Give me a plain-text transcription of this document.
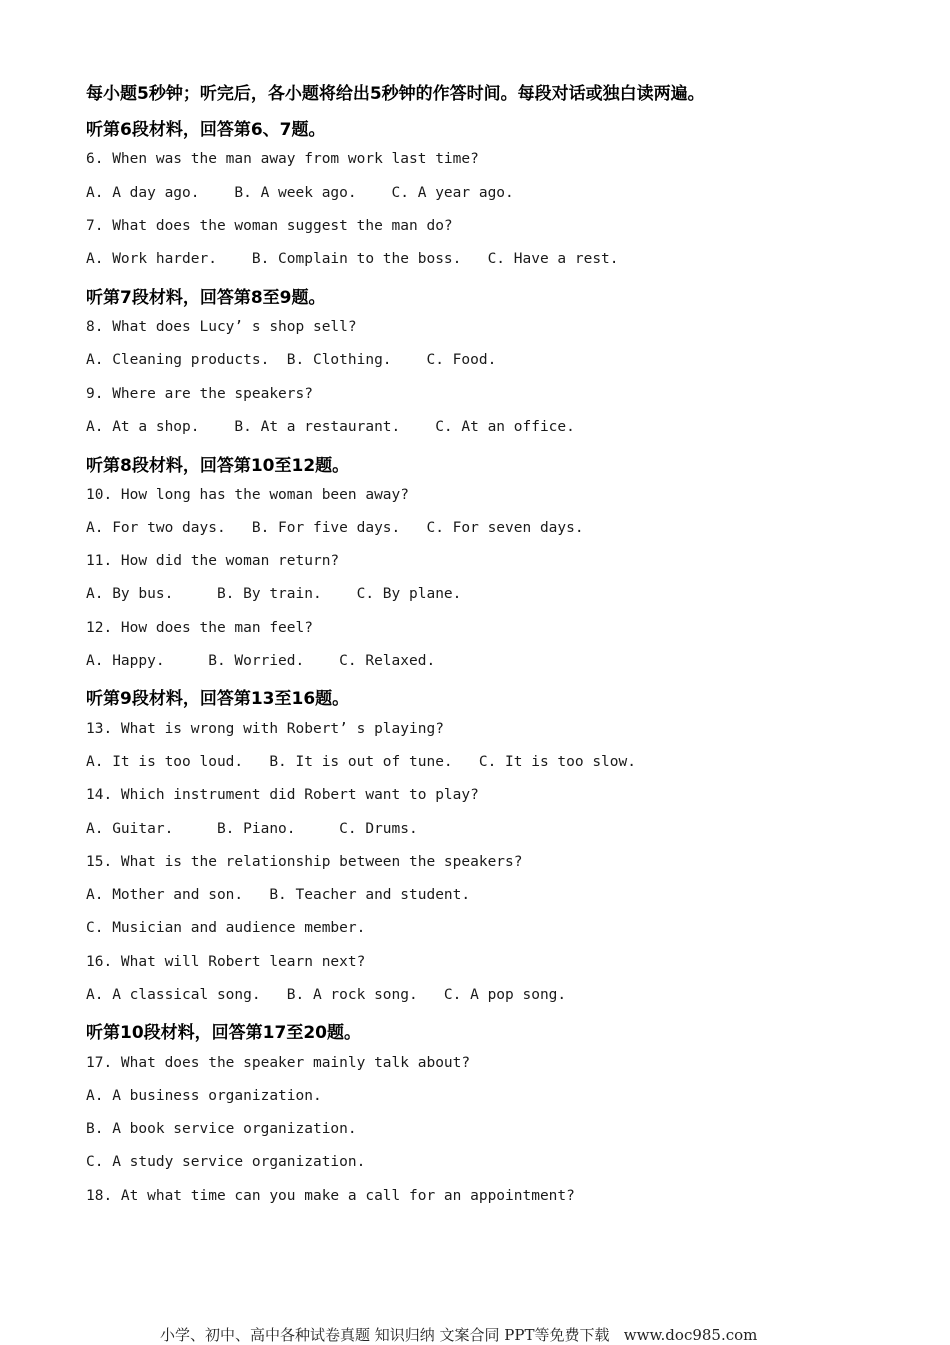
每小题5秒钟；听完后，各小题将给出5秒钟的作答时间。每段对话或独白读两遍。
听第6段材料，回答第6、7题。
6. When was the man away from work last time?
A. A day ago.    B. A week ago.    C. A year ago.
7. What does the woman suggest the man do?
A. Work harder.    B. Complain to the boss.   C. Have a rest.
听第7段材料，回答第8至9题。
8. What does Lucy’ s shop sell?
A. Cleaning products.  B. Clothing.    C. Food.
9. Where are the speakers?
A. At a shop.    B. At a restaurant.    C. At an office.
听第8段材料，回答第10至12题。
10. How long has the woman been away?
A. For two days.   B. For five days.   C. For seven days.
11. How did the woman return?
A. By bus.     B. By train.    C. By plane.
12. How does the man feel?
A. Happy.     B. Worried.    C. Relaxed.
听第9段材料，回答第13至16题。
13. What is wrong with Robert’ s playing?
A. It is too loud.   B. It is out of tune.   C. It is too slow.
14. Which instrument did Robert want to play?
A. Guitar.     B. Piano.     C. Drums.
15. What is the relationship between the speakers?
A. Mother and son.   B. Teacher and student.
C. Musician and audience member.
16. What will Robert learn next?
A. A classical song.   B. A rock song.   C. A pop song.
听第10段材料，回答第17至20题。
17. What does the speaker mainly talk about?
A. A business organization.
B. A book service organization.
C. A study service organization.
18. At what time can you make a call for an appointment?
小学、初中、高中各种试卷真题 知识归纳 文案合同 PPT等免费下载   www.doc985.com
